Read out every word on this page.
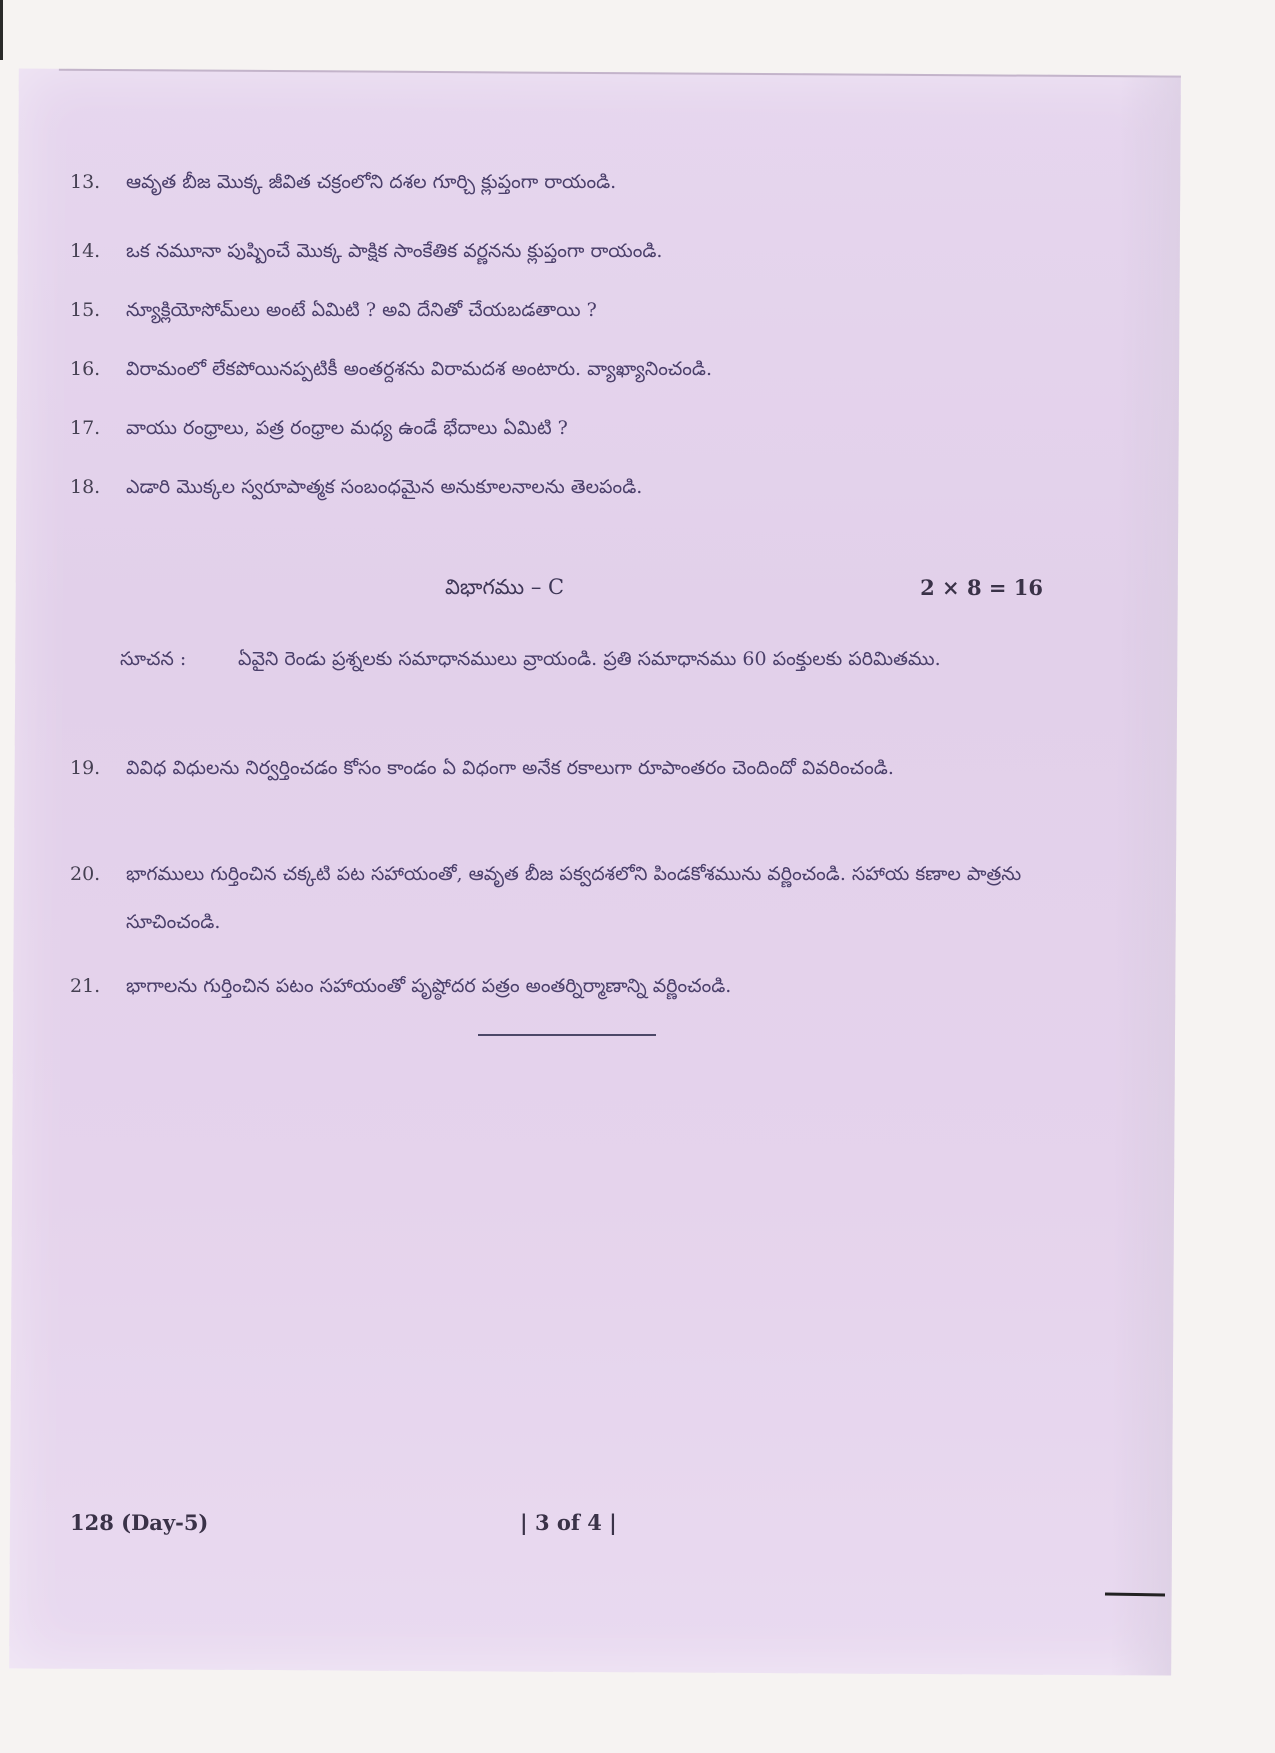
13.	ఆవృత బీజ మొక్క జీవిత చక్రంలోని దశల గూర్చి క్లుప్తంగా రాయండి.
14.	ఒక నమూనా పుష్పించే మొక్క పాక్షిక సాంకేతిక వర్ణనను క్లుప్తంగా రాయండి.
15.	న్యూక్లియోసోమ్‌లు అంటే ఏమిటి ? అవి దేనితో చేయబడతాయి ?
16.	విరామంలో లేకపోయినప్పటికీ అంతర్దశను విరామదశ అంటారు. వ్యాఖ్యానించండి.
17.	వాయు రంధ్రాలు, పత్ర రంధ్రాల మధ్య ఉండే భేదాలు ఏమిటి ?
18.	ఎడారి మొక్కల స్వరూపాత్మక సంబంధమైన అనుకూలనాలను తెలపండి.
విభాగము – C	2 × 8 = 16
సూచన :	ఏవైని రెండు ప్రశ్నలకు సమాధానములు వ్రాయండి. ప్రతి సమాధానము 60 పంక్తులకు పరిమితము.
19.	వివిధ విధులను నిర్వర్తించడం కోసం కాండం ఏ విధంగా అనేక రకాలుగా రూపాంతరం చెందిందో వివరించండి.
20.	భాగములు గుర్తించిన చక్కటి పట సహాయంతో, ఆవృత బీజ పక్వదశలోని పిండకోశమును వర్ణించండి. సహాయ కణాల పాత్రను సూచించండి.
21.	భాగాలను గుర్తించిన పటం సహాయంతో పృష్ఠోదర పత్రం అంతర్నిర్మాణాన్ని వర్ణించండి.
128 (Day-5)	| 3 of 4 |
